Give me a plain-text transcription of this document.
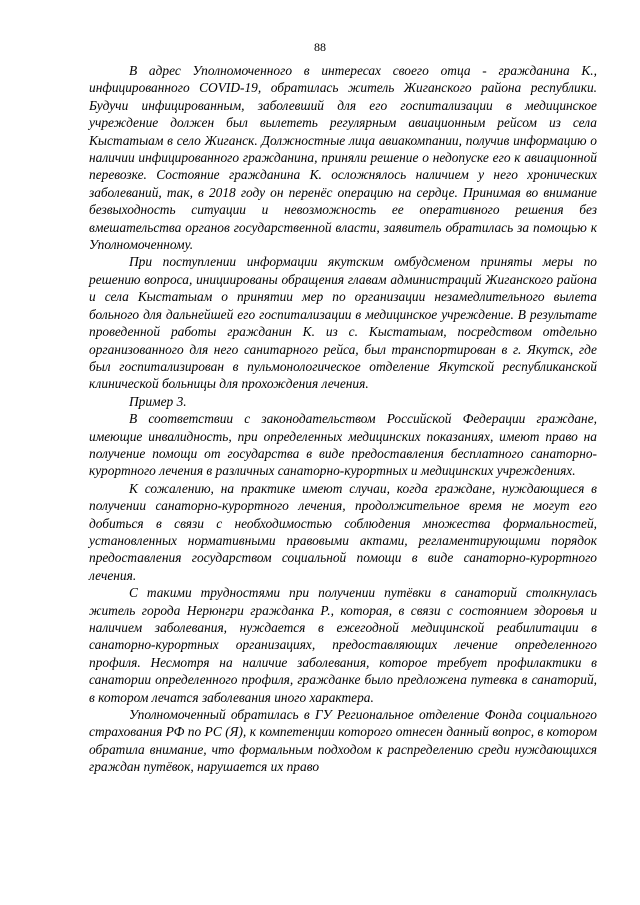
88

В адрес Уполномоченного в интересах своего отца - гражданина К., инфицированного COVID-19, обратилась житель Жиганского района республики. Будучи инфицированным, заболевший для его госпитализации в медицинское учреждение должен был вылететь регулярным авиационным рейсом из села Кыстатыам в село Жиганск. Должностные лица авиакомпании, получив информацию о наличии инфицированного гражданина, приняли решение о недопуске его к авиационной перевозке. Состояние гражданина К. осложнялось наличием у него хронических заболеваний, так, в 2018 году он перенёс операцию на сердце. Принимая во внимание безвыходность ситуации и невозможность ее оперативного решения без вмешательства органов государственной власти, заявитель обратилась за помощью к Уполномоченному.

При поступлении информации якутским омбудсменом приняты меры по решению вопроса, инициированы обращения главам администраций Жиганского района и села Кыстатыам о принятии мер по организации незамедлительного вылета больного для дальнейшей его госпитализации в медицинское учреждение. В результате проведенной работы гражданин К. из с. Кыстатыам, посредством отдельно организованного для него санитарного рейса, был транспортирован в г. Якутск, где был госпитализирован в пульмонологическое отделение Якутской республиканской клинической больницы для прохождения лечения.

Пример 3.

В соответствии с законодательством Российской Федерации граждане, имеющие инвалидность, при определенных медицинских показаниях, имеют право на получение помощи от государства в виде предоставления бесплатного санаторно-курортного лечения в различных санаторно-курортных и медицинских учреждениях.

К сожалению, на практике имеют случаи, когда граждане, нуждающиеся в получении санаторно-курортного лечения, продолжительное время не могут его добиться в связи с необходимостью соблюдения множества формальностей, установленных нормативными правовыми актами, регламентирующими порядок предоставления государством социальной помощи в виде санаторно-курортного лечения.

С такими трудностями при получении путёвки в санаторий столкнулась житель города Нерюнгри гражданка Р., которая, в связи с состоянием здоровья и наличием заболевания, нуждается в ежегодной медицинской реабилитации в санаторно-курортных организациях, предоставляющих лечение определенного профиля. Несмотря на наличие заболевания, которое требует профилактики в санатории определенного профиля, гражданке было предложена путевка в санаторий, в котором лечатся заболевания иного характера.

Уполномоченный обратилась в ГУ Региональное отделение Фонда социального страхования РФ по РС (Я), к компетенции которого отнесен данный вопрос, в котором обратила внимание, что формальным подходом к распределению среди нуждающихся граждан путёвок, нарушается их право
